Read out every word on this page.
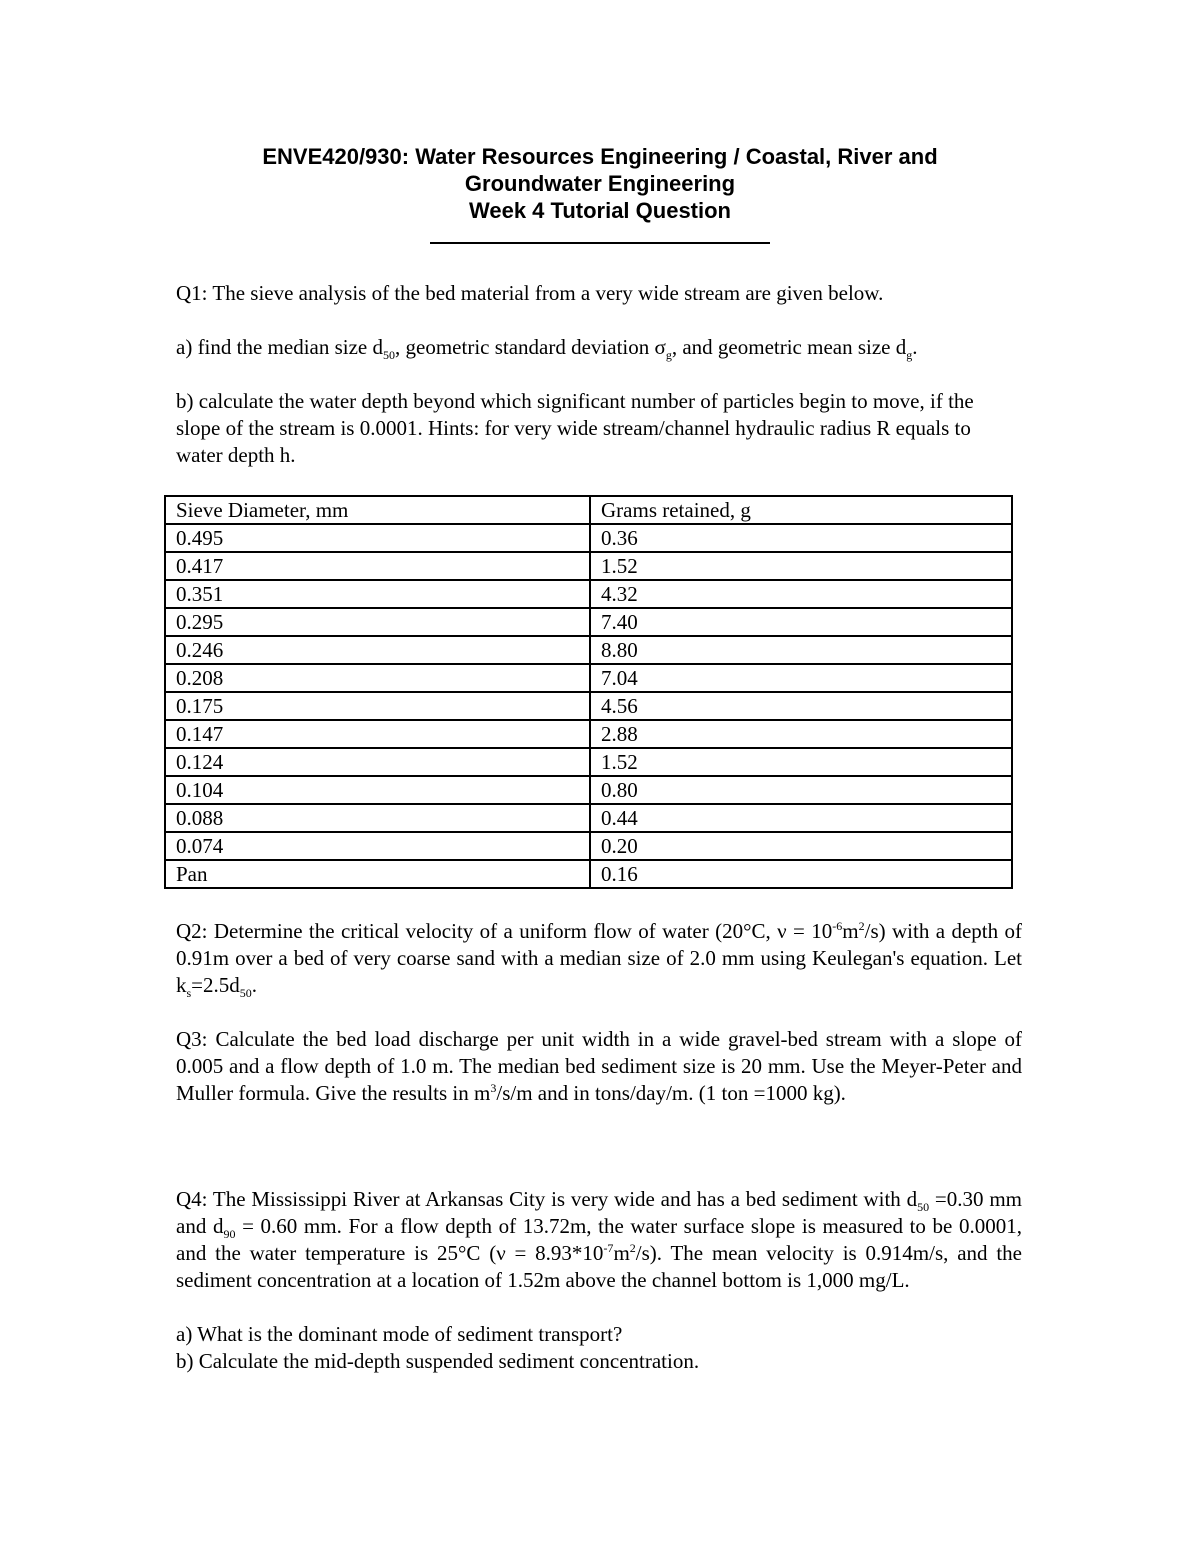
ENVE420/930: Water Resources Engineering / Coastal, River and
Groundwater Engineering
Week 4 Tutorial Question

Q1: The sieve analysis of the bed material from a very wide stream are given below.

a) find the median size $d_{50}$, geometric standard deviation $\sigma_g$, and geometric mean size $d_g$.

b) calculate the water depth beyond which significant number of particles begin to move, if the slope of the stream is 0.0001. Hints: for very wide stream/channel hydraulic radius R equals to water depth h.

Sieve Diameter, mm	Grams retained, g
0.495	0.36
0.417	1.52
0.351	4.32
0.295	7.40
0.246	8.80
0.208	7.04
0.175	4.56
0.147	2.88
0.124	1.52
0.104	0.80
0.088	0.44
0.074	0.20
Pan	0.16

Q2: Determine the critical velocity of a uniform flow of water (20°C, $\nu = 10^{-6}m^2/s$) with a depth of 0.91m over a bed of very coarse sand with a median size of 2.0 mm using Keulegan's equation. Let $k_s=2.5d_{50}$.

Q3: Calculate the bed load discharge per unit width in a wide gravel-bed stream with a slope of 0.005 and a flow depth of 1.0 m. The median bed sediment size is 20 mm. Use the Meyer-Peter and Muller formula. Give the results in $m^3/s/m$ and in tons/day/m. (1 ton =1000 kg).

Q4: The Mississippi River at Arkansas City is very wide and has a bed sediment with $d_{50} =0.30$ mm and $d_{90} = 0.60$ mm. For a flow depth of 13.72m, the water surface slope is measured to be 0.0001, and the water temperature is 25°C $(\nu = 8.93*10^{-7}m^2/s)$. The mean velocity is 0.914m/s, and the sediment concentration at a location of 1.52m above the channel bottom is 1,000 mg/L.

a) What is the dominant mode of sediment transport?

b) Calculate the mid-depth suspended sediment concentration.
